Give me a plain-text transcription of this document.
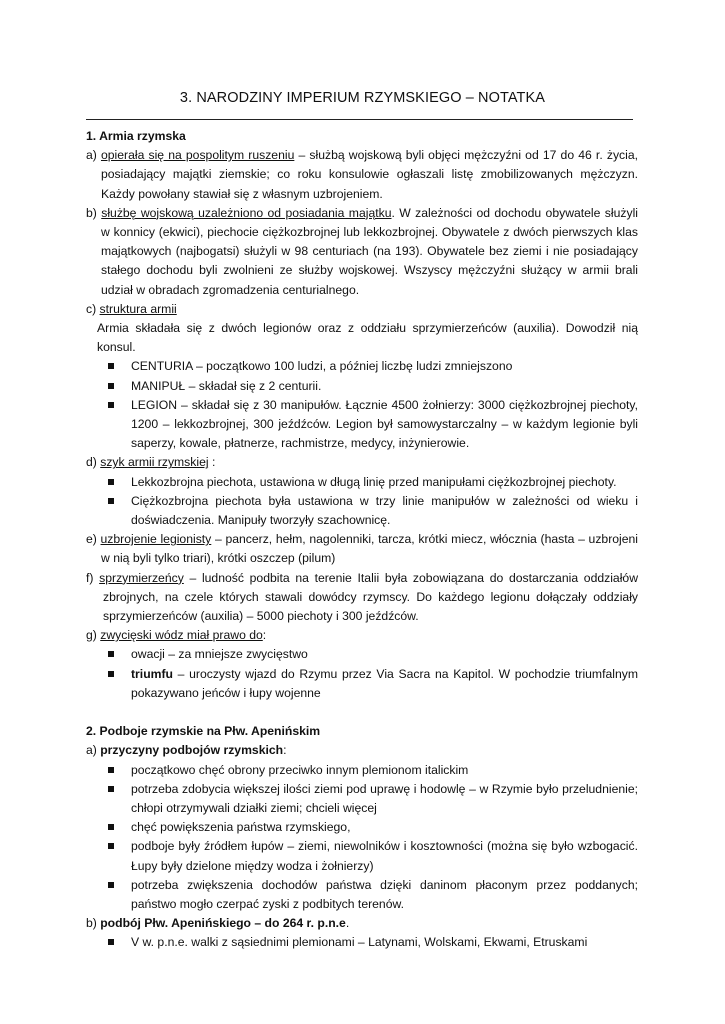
3. NARODZINY IMPERIUM RZYMSKIEGO – NOTATKA

1. Armia rzymska

a) opierała się na pospolitym ruszeniu – służbą wojskową byli objęci mężczyźni od 17 do 46 r. życia, posiadający majątki ziemskie; co roku konsulowie ogłaszali listę zmobilizowanych mężczyzn. Każdy powołany stawiał się z własnym uzbrojeniem.

b) służbę wojskową uzależniono od posiadania majątku. W zależności od dochodu obywatele służyli w konnicy (ekwici), piechocie ciężkozbrojnej lub lekkozbrojnej. Obywatele z dwóch pierwszych klas majątkowych (najbogatsi) służyli w 98 centuriach (na 193). Obywatele bez ziemi i nie posiadający stałego dochodu byli zwolnieni ze służby wojskowej. Wszyscy mężczyźni służący w armii brali udział w obradach zgromadzenia centurialnego.

c) struktura armii

Armia składała się z dwóch legionów oraz z oddziału sprzymierzeńców (auxilia). Dowodził nią konsul.

CENTURIA – początkowo 100 ludzi, a później liczbę ludzi zmniejszono
MANIPUŁ – składał się z 2 centurii.
LEGION – składał się z 30 manipułów. Łącznie 4500 żołnierzy: 3000 ciężkozbrojnej piechoty, 1200 – lekkozbrojnej, 300 jeźdźców. Legion był samowystarczalny – w każdym legionie byli saperzy, kowale, płatnerze, rachmistrze, medycy, inżynierowie.

d) szyk armii rzymskiej :

Lekkozbrojna piechota, ustawiona w długą linię przed manipułami ciężkozbrojnej piechoty.
Ciężkozbrojna piechota była ustawiona w trzy linie manipułów w zależności od wieku i doświadczenia. Manipuły tworzyły szachownicę.

e) uzbrojenie legionisty – pancerz, hełm, nagolenniki, tarcza, krótki miecz, włócznia (hasta – uzbrojeni w nią byli tylko triari), krótki oszczep (pilum)

f) sprzymierzeńcy – ludność podbita na terenie Italii była zobowiązana do dostarczania oddziałów zbrojnych, na czele których stawali dowódcy rzymscy. Do każdego legionu dołączały oddziały sprzymierzeńców (auxilia) – 5000 piechoty i 300 jeźdźców.

g) zwycięski wódz miał prawo do:

owacji – za mniejsze zwycięstwo
triumfu – uroczysty wjazd do Rzymu przez Via Sacra na Kapitol. W pochodzie triumfalnym pokazywano jeńców i łupy wojenne

2. Podboje rzymskie na Płw. Apenińskim

a) przyczyny podbojów rzymskich:

początkowo chęć obrony przeciwko innym plemionom italickim
potrzeba zdobycia większej ilości ziemi pod uprawę i hodowlę – w Rzymie było przeludnienie; chłopi otrzymywali działki ziemi; chcieli więcej
chęć powiększenia państwa rzymskiego,
podboje były źródłem łupów – ziemi, niewolników i kosztowności (można się było wzbogacić. Łupy były dzielone między wodza i żołnierzy)
potrzeba zwiększenia dochodów państwa dzięki daninom płaconym przez poddanych; państwo mogło czerpać zyski z podbitych terenów.

b) podbój Płw. Apenińskiego – do 264 r. p.n.e.

V w. p.n.e. walki z sąsiednimi plemionami – Latynami, Wolskami, Ekwami, Etruskami
